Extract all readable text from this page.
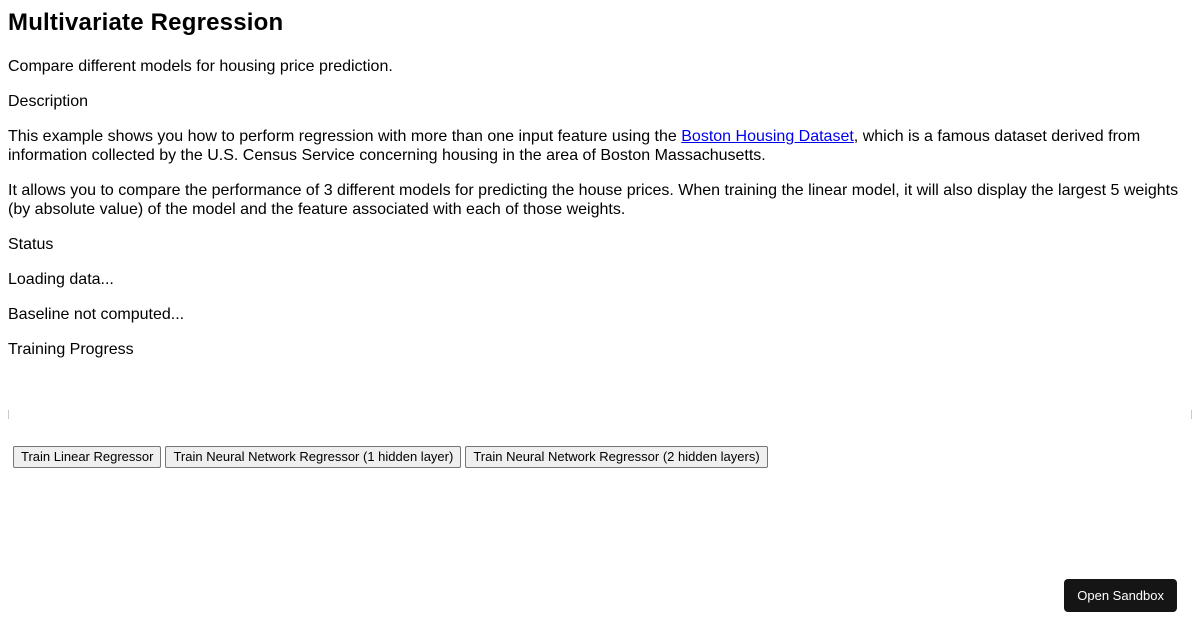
Multivariate Regression

Compare different models for housing price prediction.

Description

This example shows you how to perform regression with more than one input feature using the Boston Housing Dataset, which is a famous dataset derived from information collected by the U.S. Census Service concerning housing in the area of Boston Massachusetts.

It allows you to compare the performance of 3 different models for predicting the house prices. When training the linear model, it will also display the largest 5 weights (by absolute value) of the model and the feature associated with each of those weights.

Status

Loading data...

Baseline not computed...

Training Progress

Train Linear Regressor	Train Neural Network Regressor (1 hidden layer)	Train Neural Network Regressor (2 hidden layers)
Open Sandbox
